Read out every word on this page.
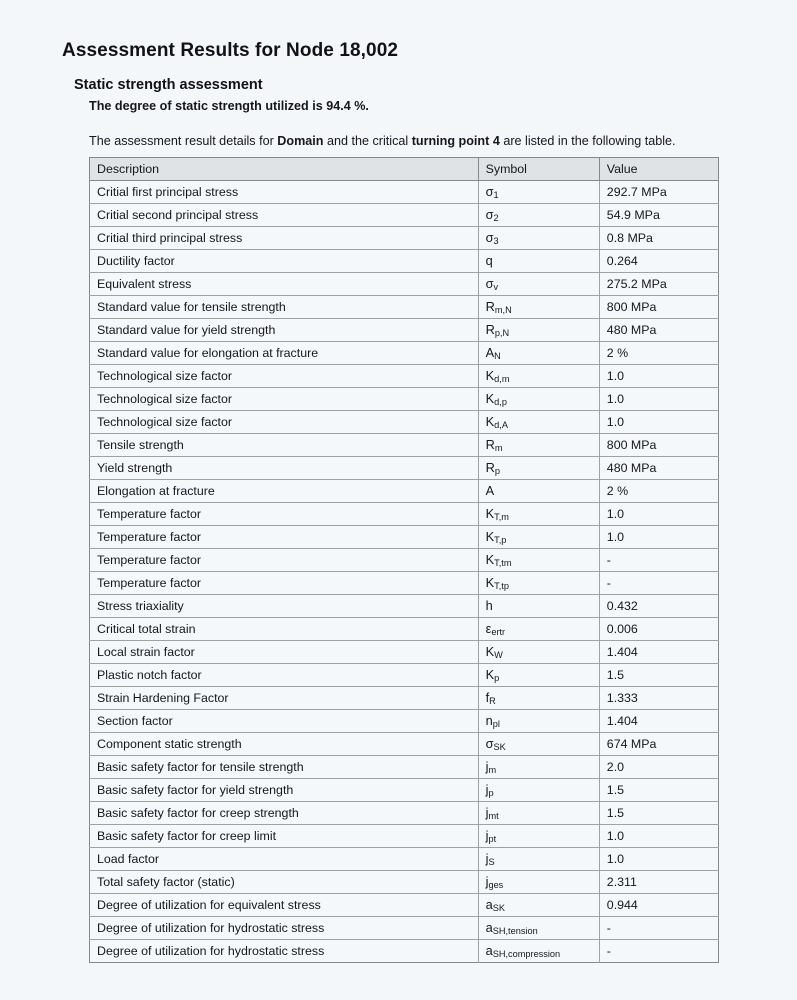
Assessment Results for Node 18,002
Static strength assessment
The degree of static strength utilized is 94.4 %.
The assessment result details for Domain and the critical turning point 4 are listed in the following table.
Description	Symbol	Value
Critial first principal stress	$\sigma_1$	292.7 MPa
Critial second principal stress	$\sigma_2$	54.9 MPa
Critial third principal stress	$\sigma_3$	0.8 MPa
Ductility factor	q	0.264
Equivalent stress	$\sigma_v$	275.2 MPa
Standard value for tensile strength	$R_{m,N}$	800 MPa
Standard value for yield strength	$R_{p,N}$	480 MPa
Standard value for elongation at fracture	$A_N$	2 %
Technological size factor	$K_{d,m}$	1.0
Technological size factor	$K_{d,p}$	1.0
Technological size factor	$K_{d,A}$	1.0
Tensile strength	$R_m$	800 MPa
Yield strength	$R_p$	480 MPa
Elongation at fracture	A	2 %
Temperature factor	$K_{T,m}$	1.0
Temperature factor	$K_{T,p}$	1.0
Temperature factor	$K_{T,tm}$	-
Temperature factor	$K_{T,tp}$	-
Stress triaxiality	h	0.432
Critical total strain	$\varepsilon_{ertr}$	0.006
Local strain factor	$K_W$	1.404
Plastic notch factor	$K_p$	1.5
Strain Hardening Factor	$f_R$	1.333
Section factor	$n_{pl}$	1.404
Component static strength	$\sigma_{SK}$	674 MPa
Basic safety factor for tensile strength	$j_m$	2.0
Basic safety factor for yield strength	$j_p$	1.5
Basic safety factor for creep strength	$j_{mt}$	1.5
Basic safety factor for creep limit	$j_{pt}$	1.0
Load factor	$j_S$	1.0
Total safety factor (static)	$j_{ges}$	2.311
Degree of utilization for equivalent stress	$a_{SK}$	0.944
Degree of utilization for hydrostatic stress	$a_{SH,tension}$	-
Degree of utilization for hydrostatic stress	$a_{SH,compression}$	-
